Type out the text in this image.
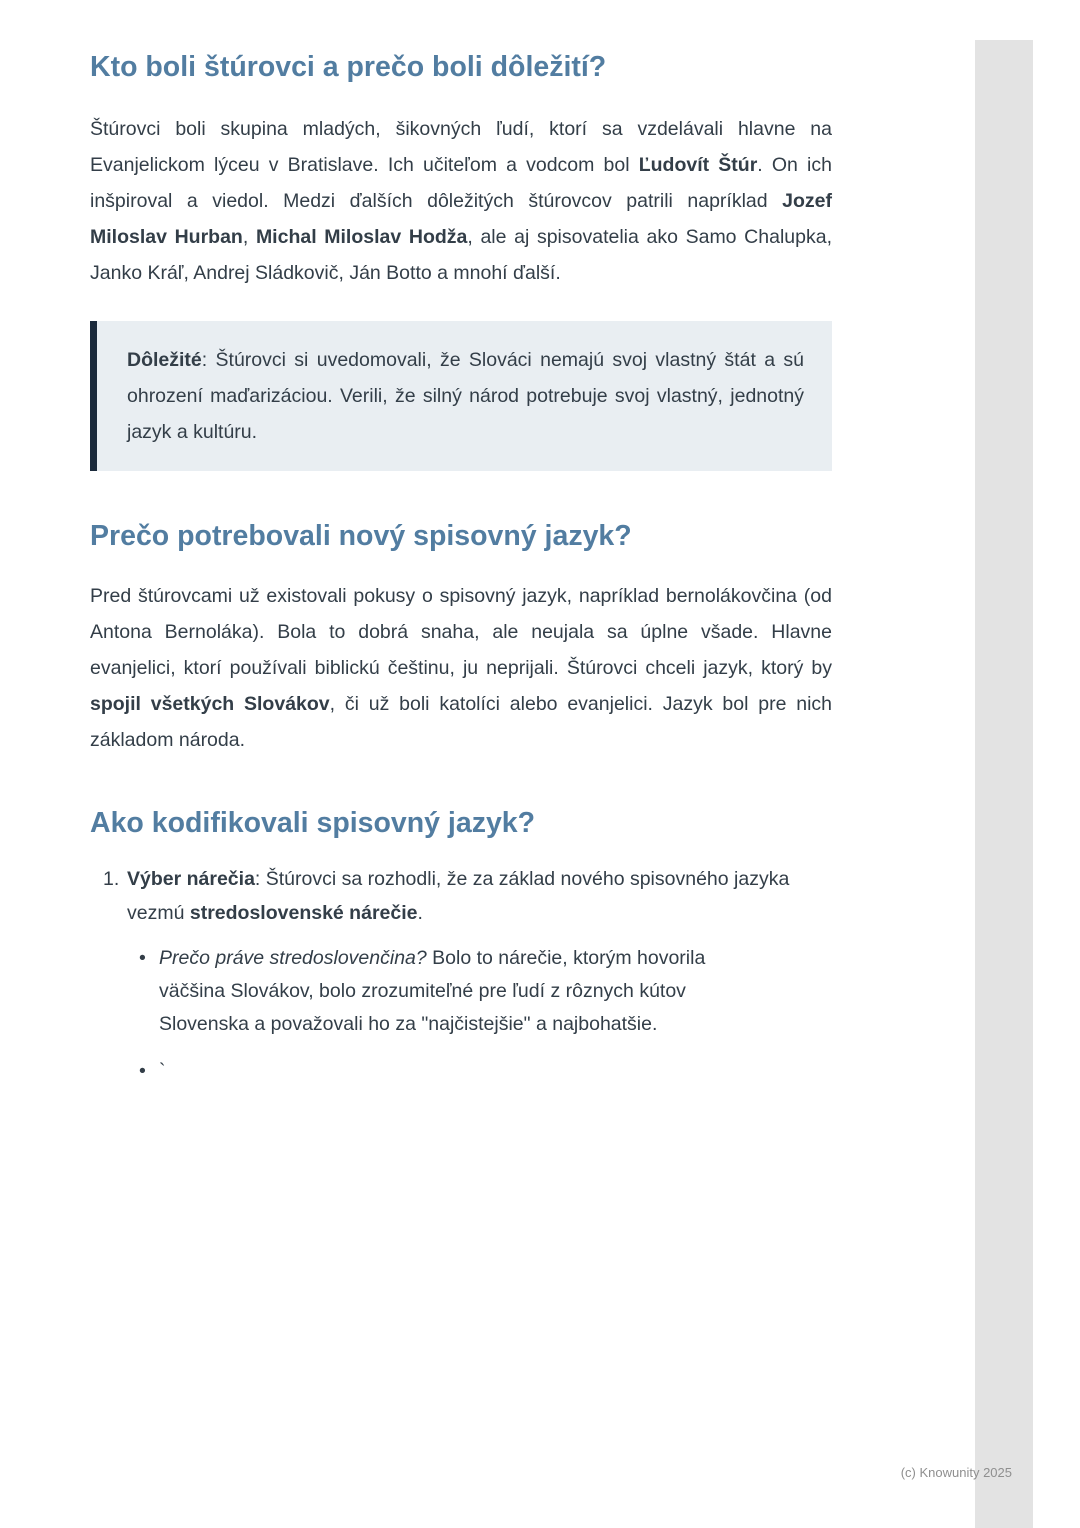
Kto boli štúrovci a prečo boli dôležití?

Štúrovci boli skupina mladých, šikovných ľudí, ktorí sa vzdelávali hlavne na Evanjelickom lýceu v Bratislave. Ich učiteľom a vodcom bol Ľudovít Štúr. On ich inšpiroval a viedol. Medzi ďalších dôležitých štúrovcov patrili napríklad Jozef Miloslav Hurban, Michal Miloslav Hodža, ale aj spisovatelia ako Samo Chalupka, Janko Kráľ, Andrej Sládkovič, Ján Botto a mnohí ďalší.

Dôležité: Štúrovci si uvedomovali, že Slováci nemajú svoj vlastný štát a sú ohrození maďarizáciou. Verili, že silný národ potrebuje svoj vlastný, jednotný jazyk a kultúru.

Prečo potrebovali nový spisovný jazyk?

Pred štúrovcami už existovali pokusy o spisovný jazyk, napríklad bernolákovčina (od Antona Bernoláka). Bola to dobrá snaha, ale neujala sa úplne všade. Hlavne evanjelici, ktorí používali biblickú češtinu, ju neprijali. Štúrovci chceli jazyk, ktorý by spojil všetkých Slovákov, či už boli katolíci alebo evanjelici. Jazyk bol pre nich základom národa.

Ako kodifikovali spisovný jazyk?
1. Výber nárečia: Štúrovci sa rozhodli, že za základ nového spisovného jazyka vezmú stredoslovenské nárečie.

• Prečo práve stredoslovenčina? Bolo to nárečie, ktorým hovorila väčšina Slovákov, bolo zrozumiteľné pre ľudí z rôznych kútov Slovenska a považovali ho za "najčistejšie" a najbohatšie.

• `

(c) Knowunity 2025
